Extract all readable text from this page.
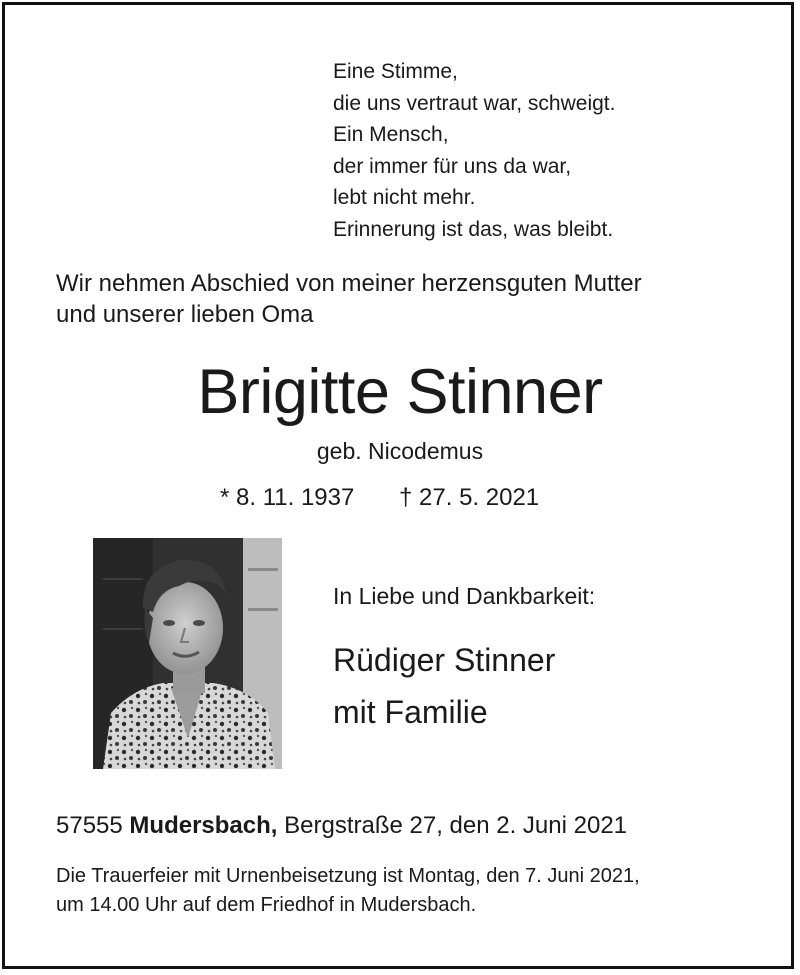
Eine Stimme,
die uns vertraut war, schweigt.
Ein Mensch,
der immer für uns da war,
lebt nicht mehr.
Erinnerung ist das, was bleibt.
Wir nehmen Abschied von meiner herzensguten Mutter
und unserer lieben Oma
Brigitte Stinner
geb. Nicodemus
* 8. 11. 1937 † 27. 5. 2021
In Liebe und Dankbarkeit:
Rüdiger Stinner
mit Familie
57555 Mudersbach, Bergstraße 27, den 2. Juni 2021
Die Trauerfeier mit Urnenbeisetzung ist Montag, den 7. Juni 2021,
um 14.00 Uhr auf dem Friedhof in Mudersbach.
